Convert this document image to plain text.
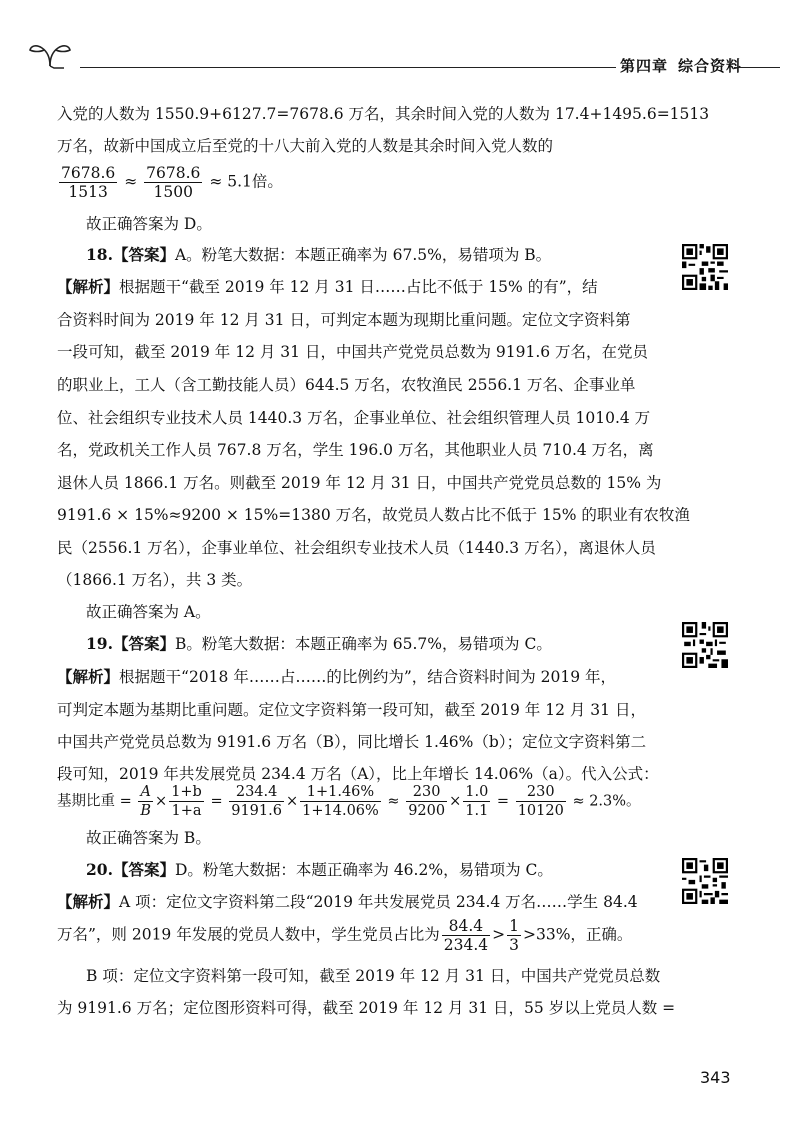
第四章 综合资料
入党的人数为 1550.9+6127.7=7678.6 万名，其余时间入党的人数为 17.4+1495.6=1513
万名，故新中国成立后至党的十八大前入党的人数是其余时间入党人数的
$\frac{7678.6}{1513} \approx \frac{7678.6}{1500} \approx 5.1$倍。
故正确答案为 D。
18.【答案】A。粉笔大数据：本题正确率为 67.5%，易错项为 B。
【解析】根据题干“截至 2019 年 12 月 31 日……占比不低于 15% 的有”，结
合资料时间为 2019 年 12 月 31 日，可判定本题为现期比重问题。定位文字资料第
一段可知，截至 2019 年 12 月 31 日，中国共产党党员总数为 9191.6 万名，在党员
的职业上，工人（含工勤技能人员）644.5 万名，农牧渔民 2556.1 万名、企事业单
位、社会组织专业技术人员 1440.3 万名，企事业单位、社会组织管理人员 1010.4 万
名，党政机关工作人员 767.8 万名，学生 196.0 万名，其他职业人员 710.4 万名，离
退休人员 1866.1 万名。则截至 2019 年 12 月 31 日，中国共产党党员总数的 15% 为
9191.6 × 15%≈9200 × 15%=1380 万名，故党员人数占比不低于 15% 的职业有农牧渔
民（2556.1 万名），企事业单位、社会组织专业技术人员（1440.3 万名），离退休人员
（1866.1 万名），共 3 类。
故正确答案为 A。
19.【答案】B。粉笔大数据：本题正确率为 65.7%，易错项为 C。
【解析】根据题干“2018 年……占……的比例约为”，结合资料时间为 2019 年，
可判定本题为基期比重问题。定位文字资料第一段可知，截至 2019 年 12 月 31 日，
中国共产党党员总数为 9191.6 万名（B），同比增长 1.46%（b）；定位文字资料第二
段可知，2019 年共发展党员 234.4 万名（A），比上年增长 14.06%（a）。代入公式：
基期比重 = $\frac{A}{B} \times \frac{1+b}{1+a} = \frac{234.4}{9191.6} \times \frac{1+1.46\%}{1+14.06\%} \approx \frac{230}{9200} \times \frac{1.0}{1.1} = \frac{230}{10120} \approx 2.3\%$。
故正确答案为 B。
20.【答案】D。粉笔大数据：本题正确率为 46.2%，易错项为 C。
【解析】A 项：定位文字资料第二段“2019 年共发展党员 234.4 万名……学生 84.4
万名”，则 2019 年发展的党员人数中，学生党员占比为 $\frac{84.4}{234.4} > \frac{1}{3} >33\%$，正确。
B 项：定位文字资料第一段可知，截至 2019 年 12 月 31 日，中国共产党党员总数
为 9191.6 万名；定位图形资料可得，截至 2019 年 12 月 31 日，55 岁以上党员人数 =
343
